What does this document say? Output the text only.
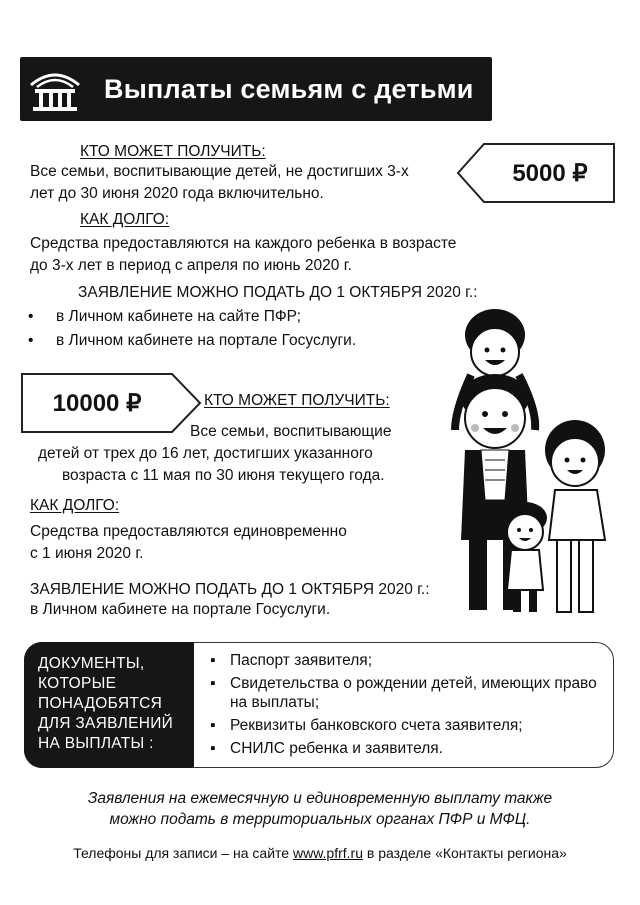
Выплаты семьям с детьми
КТО МОЖЕТ ПОЛУЧИТЬ:
Все семьи, воспитывающие детей, не достигших 3-х
лет до 30 июня 2020 года включительно.
5000 ₽
КАК ДОЛГО:
Средства предоставляются на каждого ребенка в возрасте
до 3-х лет в период с апреля по июнь 2020 г.
ЗАЯВЛЕНИЕ МОЖНО ПОДАТЬ ДО 1 ОКТЯБРЯ 2020 г.:
• в Личном кабинете на сайте ПФР;
• в Личном кабинете на портале Госуслуги.
10000 ₽	КТО МОЖЕТ ПОЛУЧИТЬ:
Все семьи, воспитывающие
детей от трех до 16 лет, достигших указанного
возраста с 11 мая по 30 июня текущего года.
КАК ДОЛГО:
Средства предоставляются единовременно
с 1 июня 2020 г.
ЗАЯВЛЕНИЕ МОЖНО ПОДАТЬ ДО 1 ОКТЯБРЯ 2020 г.:
в Личном кабинете на портале Госуслуги.
ДОКУМЕНТЫ,
КОТОРЫЕ
ПОНАДОБЯТСЯ
ДЛЯ ЗАЯВЛЕНИЙ
НА ВЫПЛАТЫ :
▪ Паспорт заявителя;
▪ Свидетельства о рождении детей, имеющих право на выплаты;
▪ Реквизиты банковского счета заявителя;
▪ СНИЛС ребенка и заявителя.
Заявления на ежемесячную и единовременную выплату также
можно подать в территориальных органах ПФР и МФЦ.
Телефоны для записи – на сайте www.pfrf.ru в разделе «Контакты региона»
